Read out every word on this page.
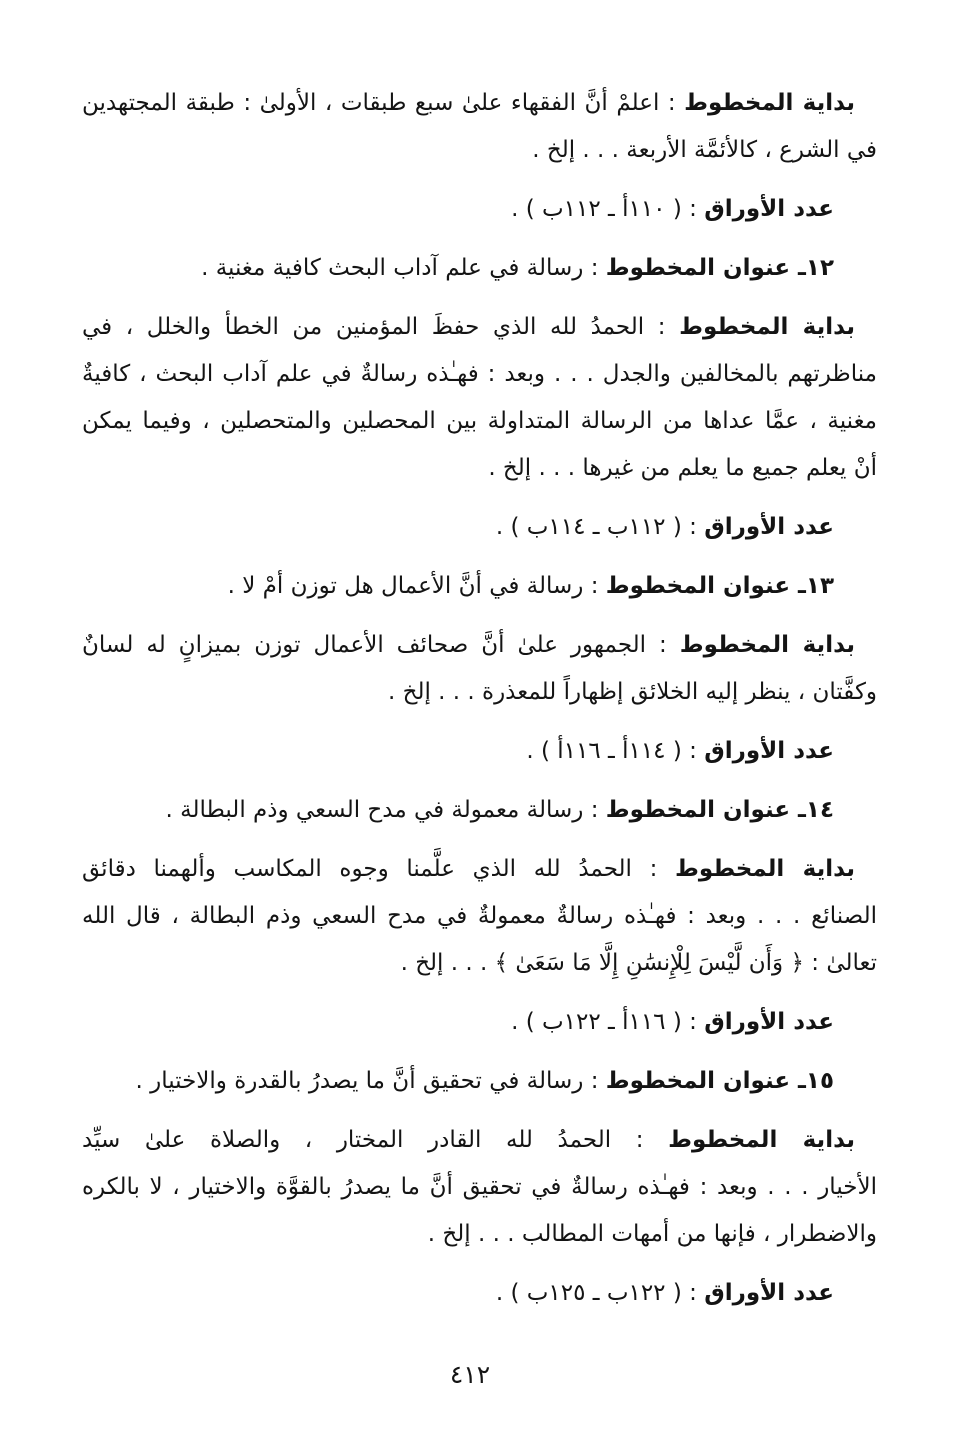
بداية المخطوط : اعلمْ أنَّ الفقهاء علىٰ سبع طبقات ، الأولىٰ : طبقة المجتهدين
في الشرع ، كالأئمَّة الأربعة . . . إلخ .
عدد الأوراق : ( ١١٠أ ـ ١١٢ب ) .
١٢ـ عنوان المخطوط : رسالة في علم آداب البحث كافية مغنية .
بداية المخطوط : الحمدُ لله الذي حفظَ المؤمنين من الخطأ والخلل ، في
مناظرتهم بالمخالفين والجدل . . . وبعد : فهـٰذه رسالةٌ في علم آداب البحث ، كافيةٌ
مغنية ، عمَّا عداها من الرسالة المتداولة بين المحصلين والمتحصلين ، وفيما يمكن
أنْ يعلم جميع ما يعلم من غيرها . . . إلخ .
عدد الأوراق : ( ١١٢ب ـ ١١٤ب ) .
١٣ـ عنوان المخطوط : رسالة في أنَّ الأعمال هل توزن أمْ لا .
بداية المخطوط : الجمهور علىٰ أنَّ صحائف الأعمال توزن بميزانٍ له لسانٌ
وكفَّتان ، ينظر إليه الخلائق إظهاراً للمعذرة . . . إلخ .
عدد الأوراق : ( ١١٤أ ـ ١١٦أ ) .
١٤ـ عنوان المخطوط : رسالة معمولة في مدح السعي وذم البطالة .
بداية المخطوط : الحمدُ لله الذي علَّمنا وجوه المكاسب وألهمنا دقائق
الصنائع . . . وبعد : فهـٰذه رسالةٌ معمولةٌ في مدح السعي وذم البطالة ، قال الله
تعالىٰ : ﴿ وَأَن لَّيْسَ لِلْإِنسَٰنِ إِلَّا مَا سَعَىٰ ﴾ . . . إلخ .
عدد الأوراق : ( ١١٦أ ـ ١٢٢ب ) .
١٥ـ عنوان المخطوط : رسالة في تحقيق أنَّ ما يصدرُ بالقدرة والاختيار .
بداية المخطوط : الحمدُ لله القادر المختار ، والصلاة علىٰ سيِّد
الأخيار . . . وبعد : فهـٰذه رسالةٌ في تحقيق أنَّ ما يصدرُ بالقوَّة والاختيار ، لا بالكره
والاضطرار ، فإنها من أمهات المطالب . . . إلخ .
عدد الأوراق : ( ١٢٢ب ـ ١٢٥ب ) .
٤١٢
